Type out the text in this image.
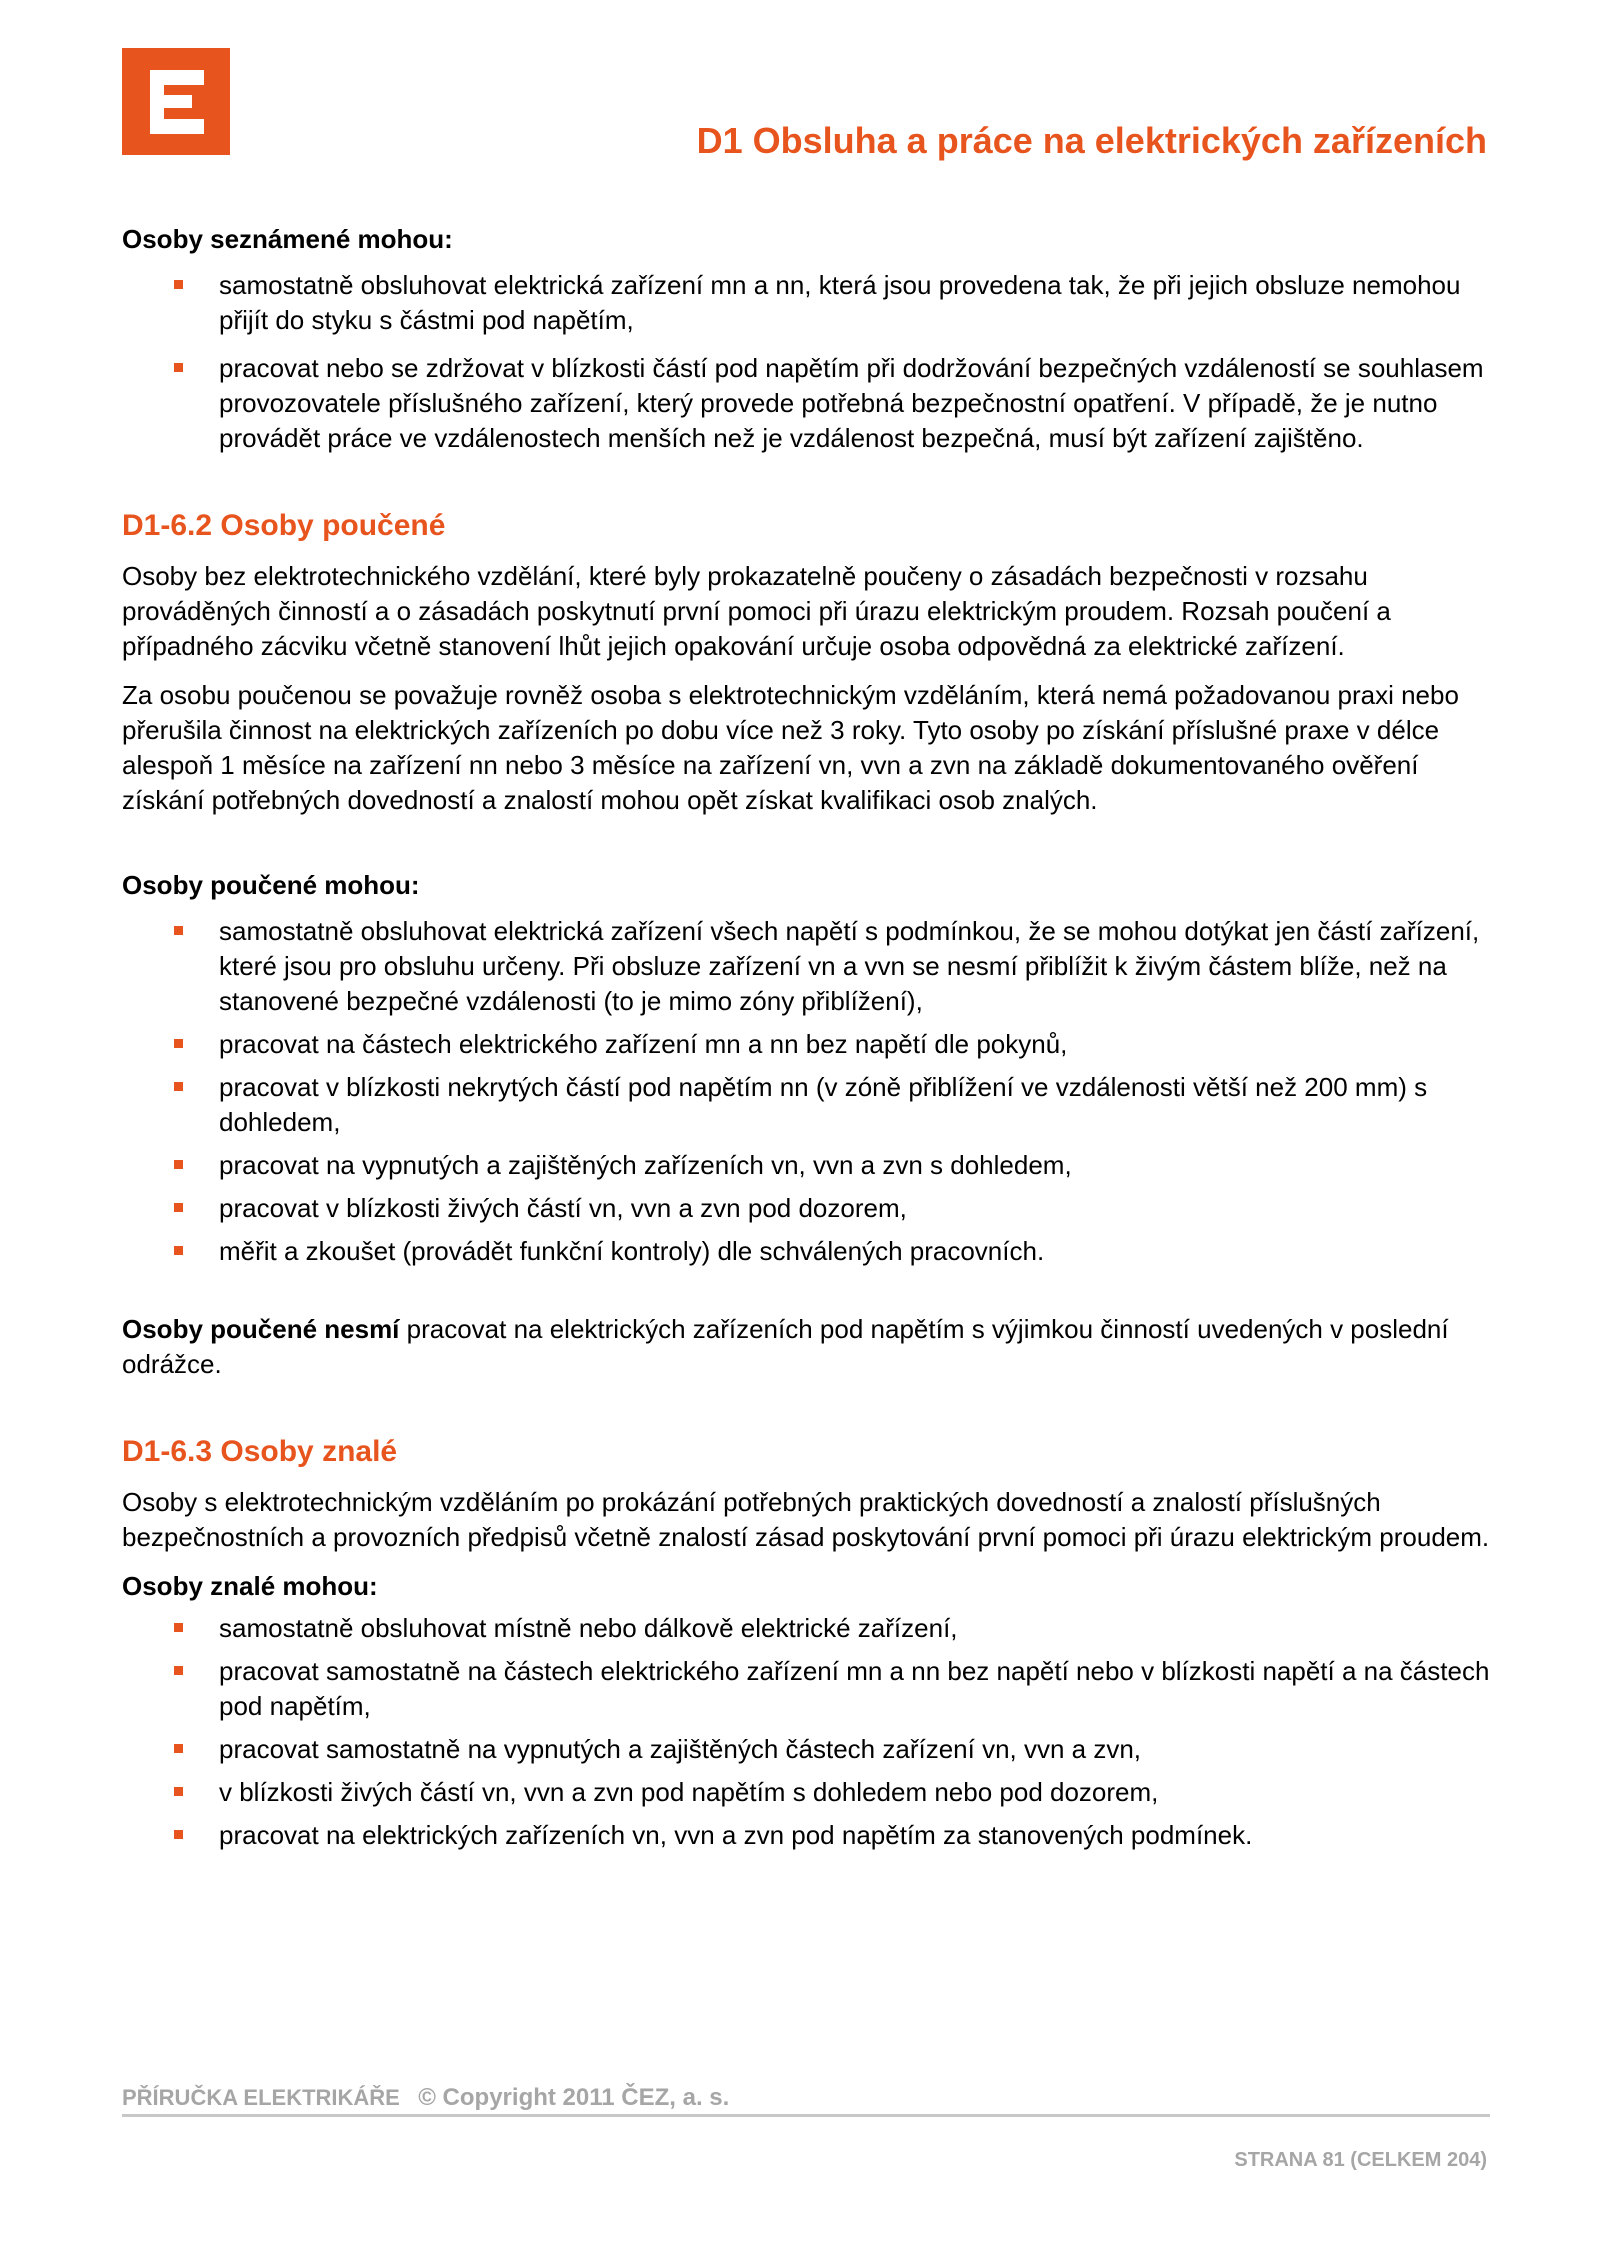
D1 Obsluha a práce na elektrických zařízeních
Osoby seznámené mohou:
samostatně obsluhovat elektrická zařízení mn a nn, která jsou provedena tak, že při jejich obsluze nemohou přijít do styku s částmi pod napětím,
pracovat nebo se zdržovat v blízkosti částí pod napětím při dodržování bezpečných vzdáleností se souhlasem provozovatele příslušného zařízení, který provede potřebná bezpečnostní opatření. V případě, že je nutno provádět práce ve vzdálenostech menších než je vzdálenost bezpečná, musí být zařízení zajištěno.
D1-6.2 Osoby poučené

Osoby bez elektrotechnického vzdělání, které byly prokazatelně poučeny o zásadách bezpečnosti v rozsahu prováděných činností a o zásadách poskytnutí první pomoci při úrazu elektrickým proudem. Rozsah poučení a případného zácviku včetně stanovení lhůt jejich opakování určuje osoba odpovědná za elektrické zařízení.

Za osobu poučenou se považuje rovněž osoba s elektrotechnickým vzděláním, která nemá požadovanou praxi nebo přerušila činnost na elektrických zařízeních po dobu více než 3 roky. Tyto osoby po získání příslušné praxe v délce alespoň 1 měsíce na zařízení nn nebo 3 měsíce na zařízení vn, vvn a zvn na základě dokumentovaného ověření získání potřebných dovedností a znalostí mohou opět získat kvalifikaci osob znalých.

Osoby poučené mohou:
samostatně obsluhovat elektrická zařízení všech napětí s podmínkou, že se mohou dotýkat jen částí zařízení, které jsou pro obsluhu určeny. Při obsluze zařízení vn a vvn se nesmí přiblížit k živým částem blíže, než na stanovené bezpečné vzdálenosti (to je mimo zóny přiblížení),
pracovat na částech elektrického zařízení mn a nn bez napětí dle pokynů,
pracovat v blízkosti nekrytých částí pod napětím nn (v zóně přiblížení ve vzdálenosti větší než 200 mm) s dohledem,
pracovat na vypnutých a zajištěných zařízeních vn, vvn a zvn s dohledem,
pracovat v blízkosti živých částí vn, vvn a zvn pod dozorem,
měřit a zkoušet (provádět funkční kontroly) dle schválených pracovních.

Osoby poučené nesmí pracovat na elektrických zařízeních pod napětím s výjimkou činností uvedených v poslední odrážce.

D1-6.3 Osoby znalé

Osoby s elektrotechnickým vzděláním po prokázání potřebných praktických dovedností a znalostí příslušných bezpečnostních a provozních předpisů včetně znalostí zásad poskytování první pomoci při úrazu elektrickým proudem.

Osoby znalé mohou:
samostatně obsluhovat místně nebo dálkově elektrické zařízení,
pracovat samostatně na částech elektrického zařízení mn a nn bez napětí nebo v blízkosti napětí a na částech pod napětím,
pracovat samostatně na vypnutých a zajištěných částech zařízení vn, vvn a zvn,
v blízkosti živých částí vn, vvn a zvn pod napětím s dohledem nebo pod dozorem,
pracovat na elektrických zařízeních vn, vvn a zvn pod napětím za stanovených podmínek.
PŘÍRUČKA ELEKTRIKÁŘE © Copyright 2011 ČEZ, a. s.
STRANA 81 (CELKEM 204)
